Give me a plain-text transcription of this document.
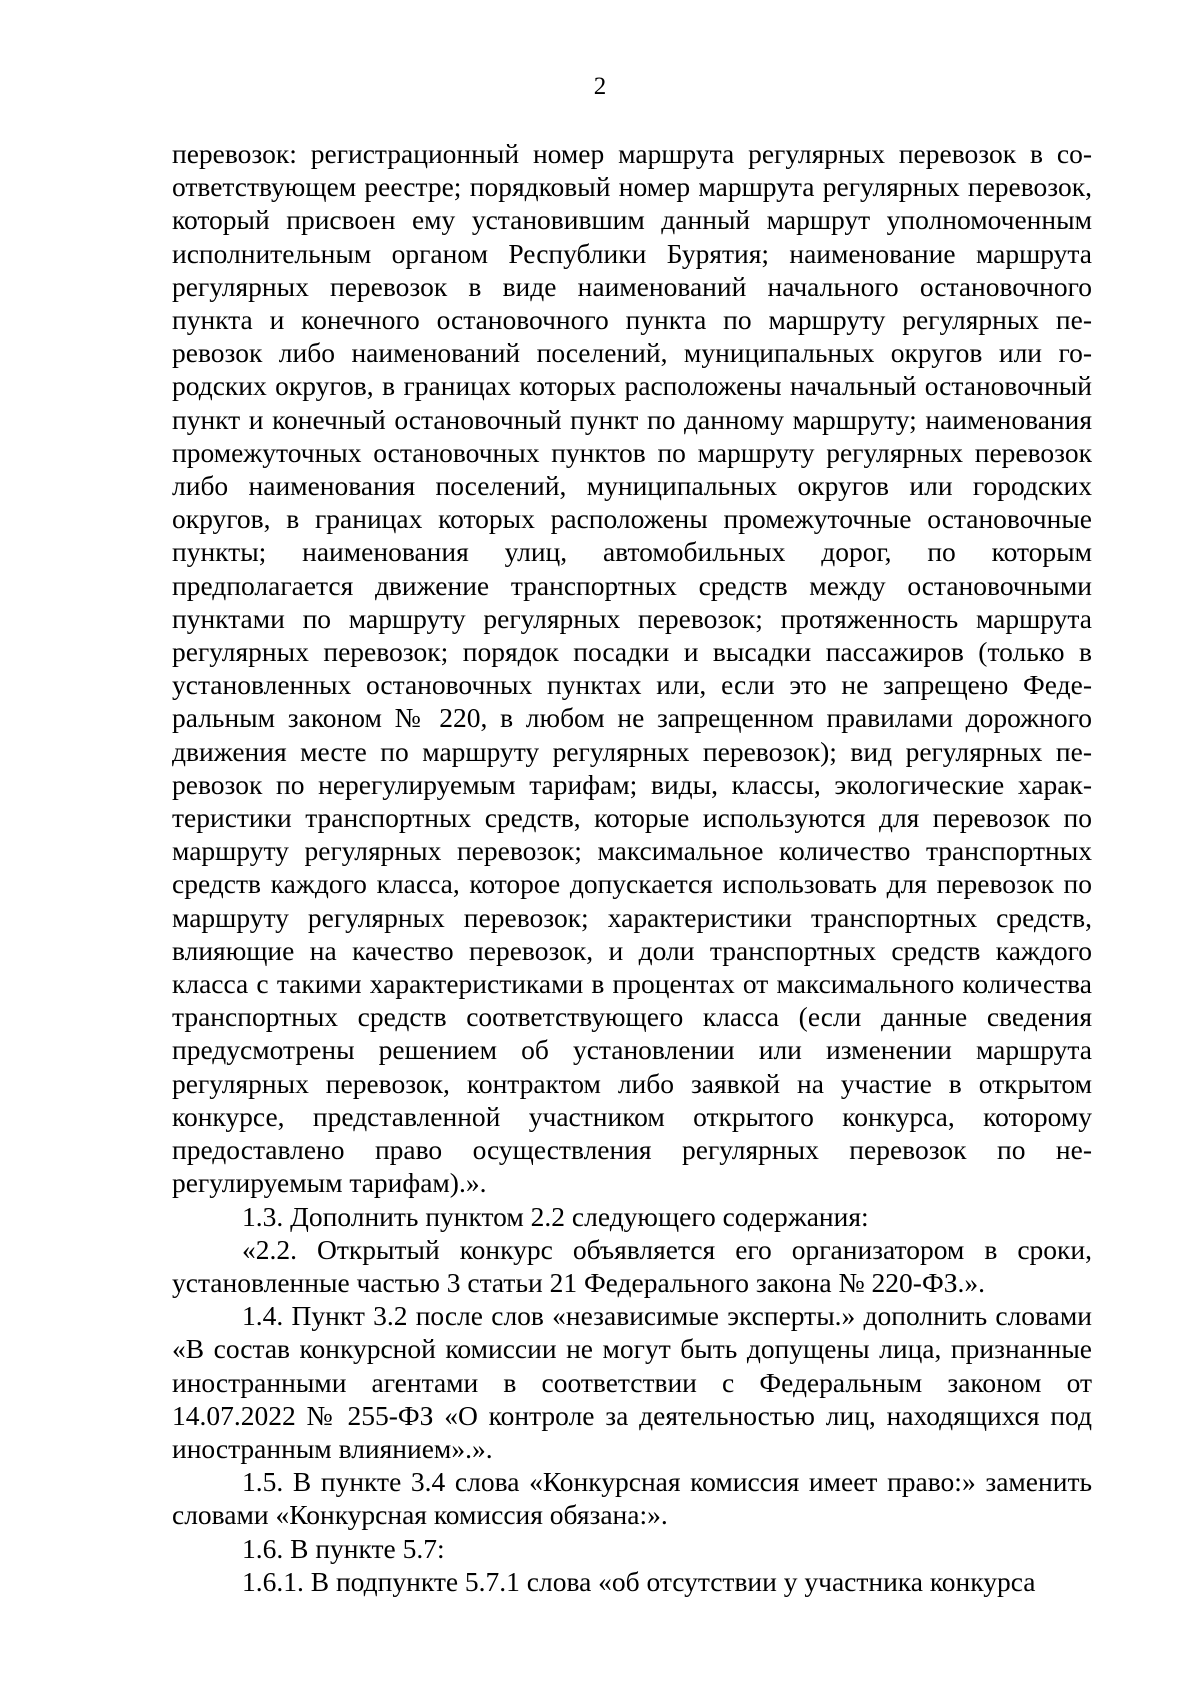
2

перевозок: регистрационный номер маршрута регулярных перевозок в соответствующем реестре; порядковый номер маршрута регулярных перевозок, который присвоен ему установившим данный маршрут уполномоченным исполнительным органом Республики Бурятия; наименование маршрута регулярных перевозок в виде наименований начального остановочного пункта и конечного остановочного пункта по маршруту регулярных перевозок либо наименований поселений, муниципальных округов или городских округов, в границах которых расположены начальный остановочный пункт и конечный остановочный пункт по данному маршруту; наименования промежуточных остановочных пунктов по маршруту регулярных перевозок либо наименования поселений, муниципальных округов или городских округов, в границах которых расположены промежуточные остановочные пункты; наименования улиц, автомобильных дорог, по которым предполагается движение транспортных средств между остановочными пунктами по маршруту регулярных перевозок; протяженность маршрута регулярных перевозок; порядок посадки и высадки пассажиров (только в установленных остановочных пунктах или, если это не запрещено Федеральным законом № 220, в любом не запрещенном правилами дорожного движения месте по маршруту регулярных перевозок); вид регулярных перевозок по нерегулируемым тарифам; виды, классы, экологические характеристики транспортных средств, которые используются для перевозок по маршруту регулярных перевозок; максимальное количество транспортных средств каждого класса, которое допускается использовать для перевозок по маршруту регулярных перевозок; характеристики транспортных средств, влияющие на качество перевозок, и доли транспортных средств каждого класса с такими характеристиками в процентах от максимального количества транспортных средств соответствующего класса (если данные сведения предусмотрены решением об установлении или изменении маршрута регулярных перевозок, контрактом либо заявкой на участие в открытом конкурсе, представленной участником открытого конкурса, которому предоставлено право осуществления регулярных перевозок по нерегулируемым тарифам).».

1.3. Дополнить пунктом 2.2 следующего содержания:

«2.2. Открытый конкурс объявляется его организатором в сроки, установленные частью 3 статьи 21 Федерального закона № 220-ФЗ.».

1.4. Пункт 3.2 после слов «независимые эксперты.» дополнить словами «В состав конкурсной комиссии не могут быть допущены лица, признанные иностранными агентами в соответствии с Федеральным законом от 14.07.2022 № 255-ФЗ «О контроле за деятельностью лиц, находящихся под иностранным влиянием».».

1.5. В пункте 3.4 слова «Конкурсная комиссия имеет право:» заменить словами «Конкурсная комиссия обязана:».

1.6. В пункте 5.7:

1.6.1. В подпункте 5.7.1 слова «об отсутствии у участника конкурса
